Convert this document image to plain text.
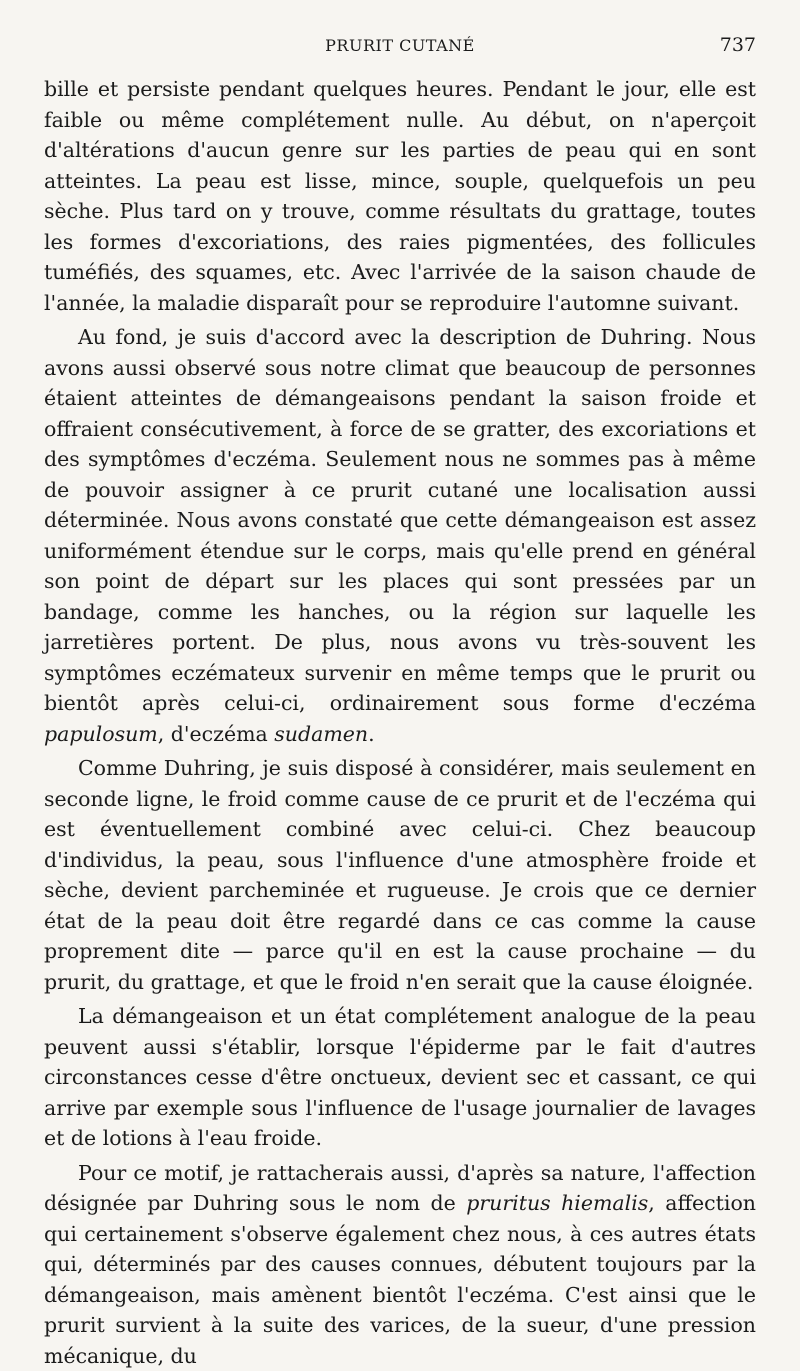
PRURIT CUTANÉ	737

bille et persiste pendant quelques heures. Pendant le jour, elle est faible ou même complétement nulle. Au début, on n'aperçoit d'altérations d'aucun genre sur les parties de peau qui en sont atteintes. La peau est lisse, mince, souple, quelquefois un peu sèche. Plus tard on y trouve, comme résultats du grattage, toutes les formes d'excoriations, des raies pigmentées, des follicules tuméfiés, des squames, etc. Avec l'arrivée de la saison chaude de l'année, la maladie disparaît pour se reproduire l'automne suivant.

Au fond, je suis d'accord avec la description de Duhring. Nous avons aussi observé sous notre climat que beaucoup de personnes étaient atteintes de démangeaisons pendant la saison froide et offraient consécutivement, à force de se gratter, des excoriations et des symptômes d'eczéma. Seulement nous ne sommes pas à même de pouvoir assigner à ce prurit cutané une localisation aussi déterminée. Nous avons constaté que cette démangeaison est assez uniformément étendue sur le corps, mais qu'elle prend en général son point de départ sur les places qui sont pressées par un bandage, comme les hanches, ou la région sur laquelle les jarretières portent. De plus, nous avons vu très-souvent les symptômes eczémateux survenir en même temps que le prurit ou bientôt après celui-ci, ordinairement sous forme d'eczéma papulosum, d'eczéma sudamen.

Comme Duhring, je suis disposé à considérer, mais seulement en seconde ligne, le froid comme cause de ce prurit et de l'eczéma qui est éventuellement combiné avec celui-ci. Chez beaucoup d'individus, la peau, sous l'influence d'une atmosphère froide et sèche, devient parcheminée et rugueuse. Je crois que ce dernier état de la peau doit être regardé dans ce cas comme la cause proprement dite — parce qu'il en est la cause prochaine — du prurit, du grattage, et que le froid n'en serait que la cause éloignée.

La démangeaison et un état complétement analogue de la peau peuvent aussi s'établir, lorsque l'épiderme par le fait d'autres circonstances cesse d'être onctueux, devient sec et cassant, ce qui arrive par exemple sous l'influence de l'usage journalier de lavages et de lotions à l'eau froide.

Pour ce motif, je rattacherais aussi, d'après sa nature, l'affection désignée par Duhring sous le nom de pruritus hiemalis, affection qui certainement s'observe également chez nous, à ces autres états qui, déterminés par des causes connues, débutent toujours par la démangeaison, mais amènent bientôt l'eczéma. C'est ainsi que le prurit survient à la suite des varices, de la sueur, d'une pression mécanique, du
